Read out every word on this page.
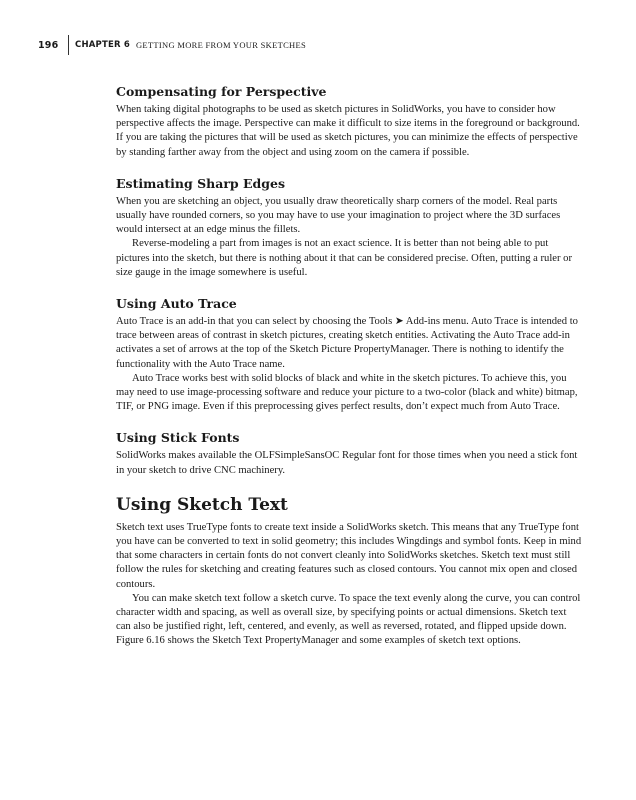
196 CHAPTER 6 GETTING MORE FROM YOUR SKETCHES
Compensating for Perspective

When taking digital photographs to be used as sketch pictures in SolidWorks, you have to consider how perspective affects the image. Perspective can make it difficult to size items in the foreground or background. If you are taking the pictures that will be used as sketch pictures, you can minimize the effects of perspective by standing farther away from the object and using zoom on the camera if possible.

Estimating Sharp Edges

When you are sketching an object, you usually draw theoretically sharp corners of the model. Real parts usually have rounded corners, so you may have to use your imagination to project where the 3D surfaces would intersect at an edge minus the fillets.

Reverse-modeling a part from images is not an exact science. It is better than not being able to put pictures into the sketch, but there is nothing about it that can be considered precise. Often, putting a ruler or size gauge in the image somewhere is useful.

Using Auto Trace

Auto Trace is an add-in that you can select by choosing the Tools ➤ Add-ins menu. Auto Trace is intended to trace between areas of contrast in sketch pictures, creating sketch entities. Activating the Auto Trace add-in activates a set of arrows at the top of the Sketch Picture PropertyManager. There is nothing to identify the functionality with the Auto Trace name.

Auto Trace works best with solid blocks of black and white in the sketch pictures. To achieve this, you may need to use image-processing software and reduce your picture to a two-color (black and white) bitmap, TIF, or PNG image. Even if this preprocessing gives perfect results, don’t expect much from Auto Trace.

Using Stick Fonts

SolidWorks makes available the OLFSimpleSansOC Regular font for those times when you need a stick font in your sketch to drive CNC machinery.

Using Sketch Text

Sketch text uses TrueType fonts to create text inside a SolidWorks sketch. This means that any TrueType font you have can be converted to text in solid geometry; this includes Wingdings and symbol fonts. Keep in mind that some characters in certain fonts do not convert cleanly into SolidWorks sketches. Sketch text must still follow the rules for sketching and creating features such as closed contours. You cannot mix open and closed contours.

You can make sketch text follow a sketch curve. To space the text evenly along the curve, you can control character width and spacing, as well as overall size, by specifying points or actual dimensions. Sketch text can also be justified right, left, centered, and evenly, as well as reversed, rotated, and flipped upside down. Figure 6.16 shows the Sketch Text PropertyManager and some examples of sketch text options.
